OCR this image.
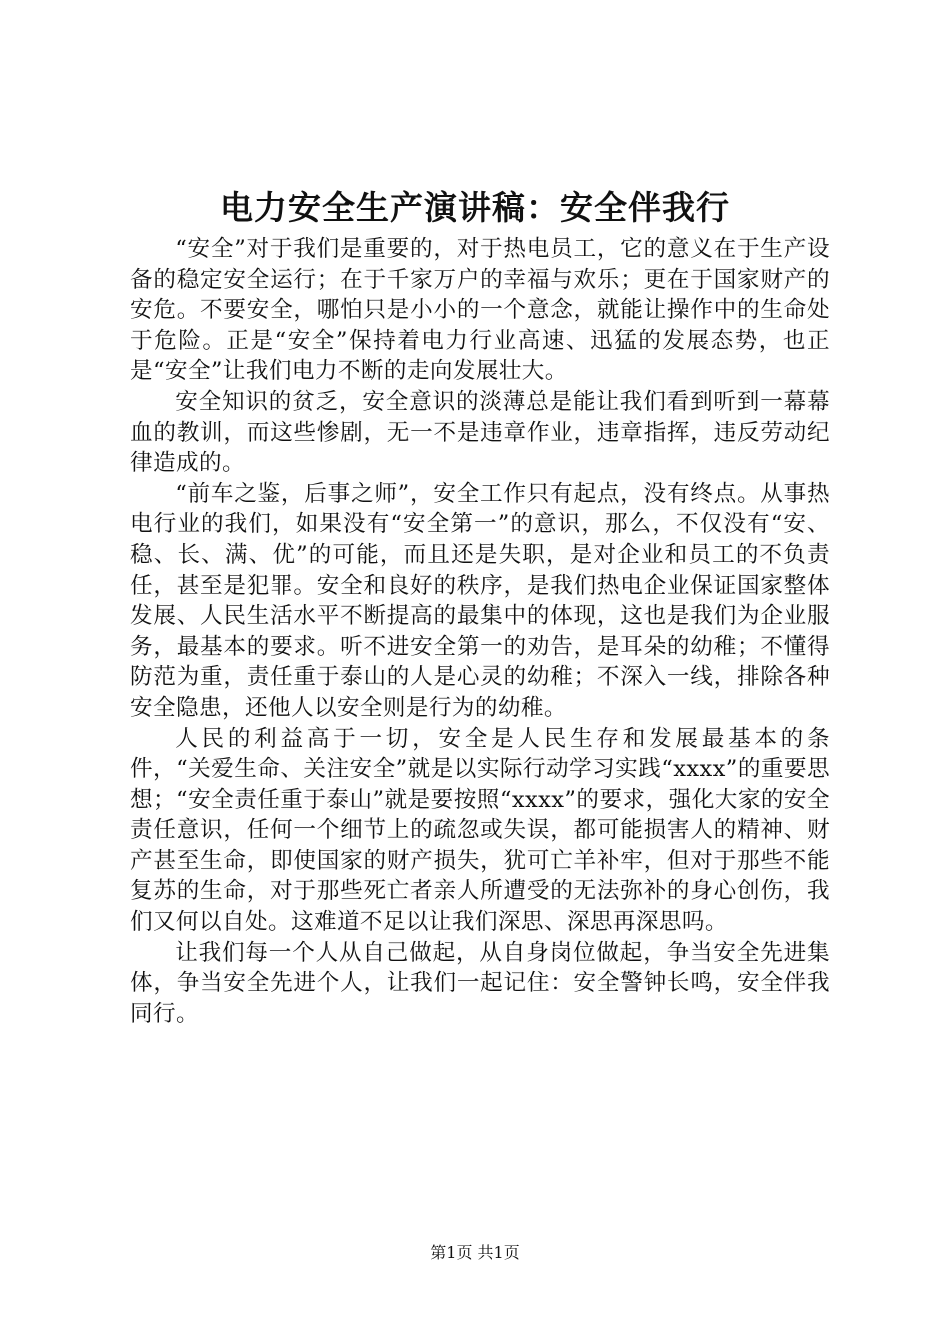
电力安全生产演讲稿：安全伴我行

“安全”对于我们是重要的，对于热电员工，它的意义在于生产设备的稳定安全运行；在于千家万户的幸福与欢乐；更在于国家财产的安危。不要安全，哪怕只是小小的一个意念，就能让操作中的生命处于危险。正是“安全”保持着电力行业高速、迅猛的发展态势，也正是“安全”让我们电力不断的走向发展壮大。

安全知识的贫乏，安全意识的淡薄总是能让我们看到听到一幕幕血的教训，而这些惨剧，无一不是违章作业，违章指挥，违反劳动纪律造成的。

“前车之鉴，后事之师”，安全工作只有起点，没有终点。从事热电行业的我们，如果没有“安全第一”的意识，那么，不仅没有“安、稳、长、满、优”的可能，而且还是失职，是对企业和员工的不负责任，甚至是犯罪。安全和良好的秩序，是我们热电企业保证国家整体发展、人民生活水平不断提高的最集中的体现，这也是我们为企业服务，最基本的要求。听不进安全第一的劝告，是耳朵的幼稚；不懂得防范为重，责任重于泰山的人是心灵的幼稚；不深入一线，排除各种安全隐患，还他人以安全则是行为的幼稚。

人民的利益高于一切，安全是人民生存和发展最基本的条件，“关爱生命、关注安全”就是以实际行动学习实践“xxxx”的重要思想；“安全责任重于泰山”就是要按照“xxxx”的要求，强化大家的安全责任意识，任何一个细节上的疏忽或失误，都可能损害人的精神、财产甚至生命，即使国家的财产损失，犹可亡羊补牢，但对于那些不能复苏的生命，对于那些死亡者亲人所遭受的无法弥补的身心创伤，我们又何以自处。这难道不足以让我们深思、深思再深思吗。

让我们每一个人从自己做起，从自身岗位做起，争当安全先进集体，争当安全先进个人，让我们一起记住：安全警钟长鸣，安全伴我同行。

第1页 共1页
